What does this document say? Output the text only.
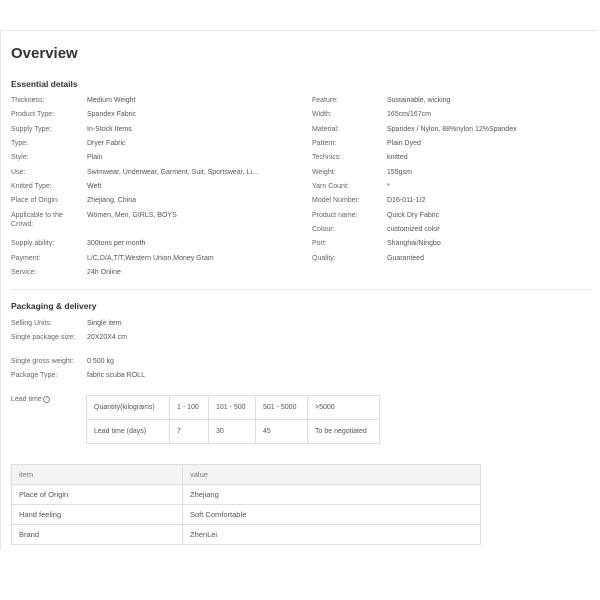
Overview
Essential details
Thickness:	Medium Weight
Product Type:	Spandex Fabric
Supply Type:	In-Stock Items
Type:	Dryer Fabric
Style:	Plain
Use:	Swimwear, Underwear, Garment, Suit, Sportswear, Li...
Knitted Type:	Weft
Place of Origin:	Zhejiang, China
Applicable to the Crowd:
Women, Men, GIRLS, BOYS
Supply ability:	300tons per month
Payment:	L/C,D/A,T/T,Western Union,Money Gram
Service:	24h Online
Feature:	Sustainable, wicking
Width:	165cm/167cm
Material:	Spandex / Nylon, 88%nylon 12%Spandex
Pattern:	Plain Dyed
Technics:	knitted
Weight:	155gsm
Yarn Count:	*
Model Number:	D16-011-1/2
Product name:	Quick Dry Fabric
Colour:	customized color
Port:	Shanghai/Ningbo
Quality:	Guaranteed
Packaging & delivery
Selling Units:	Single item
Single package size:	20X20X4 cm
Single gross weight:	0.500 kg
Package Type:	fabric scuba ROLL
Lead time ?
Quantity(kilograms)	1 - 100	101 - 500	501 - 5000	>5000
Lead time (days)	7	30	45	To be negotiated
item	value
Place of Origin	Zhejiang
Hand feeling	Soft Comfortable
Brand	ZhenLei
